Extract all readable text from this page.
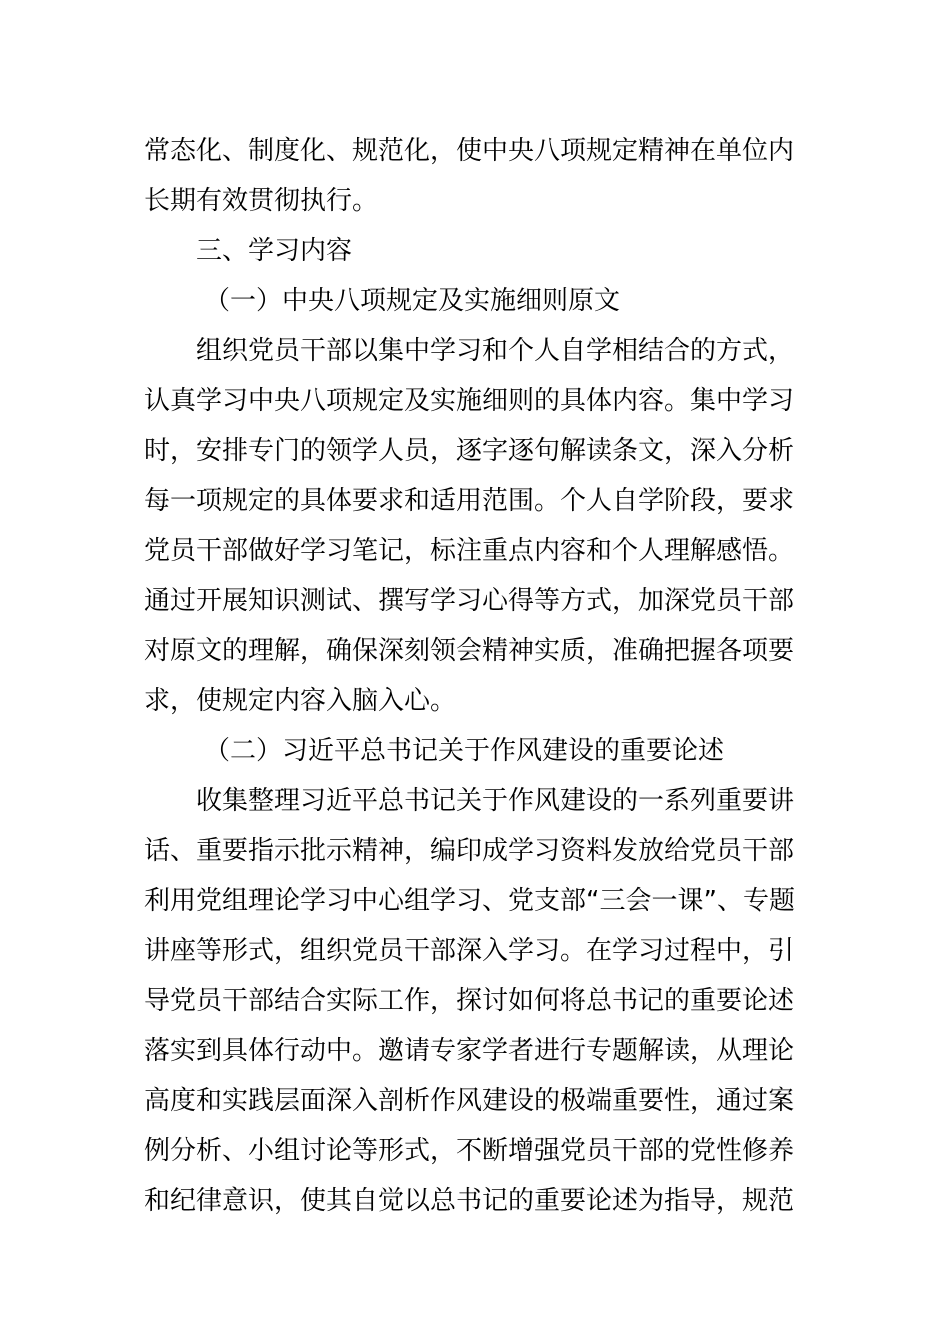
常态化、制度化、规范化，使中央八项规定精神在单位内
长期有效贯彻执行。

三、学习内容

（一）中央八项规定及实施细则原文

组织党员干部以集中学习和个人自学相结合的方式，
认真学习中央八项规定及实施细则的具体内容。集中学习
时，安排专门的领学人员，逐字逐句解读条文，深入分析
每一项规定的具体要求和适用范围。个人自学阶段，要求
党员干部做好学习笔记，标注重点内容和个人理解感悟。
通过开展知识测试、撰写学习心得等方式，加深党员干部
对原文的理解，确保深刻领会精神实质，准确把握各项要
求，使规定内容入脑入心。

（二）习近平总书记关于作风建设的重要论述

收集整理习近平总书记关于作风建设的一系列重要讲
话、重要指示批示精神，编印成学习资料发放给党员干部
利用党组理论学习中心组学习、党支部“三会一课”、专题
讲座等形式，组织党员干部深入学习。在学习过程中，引
导党员干部结合实际工作，探讨如何将总书记的重要论述
落实到具体行动中。邀请专家学者进行专题解读，从理论
高度和实践层面深入剖析作风建设的极端重要性，通过案
例分析、小组讨论等形式，不断增强党员干部的党性修养
和纪律意识，使其自觉以总书记的重要论述为指导，规范
